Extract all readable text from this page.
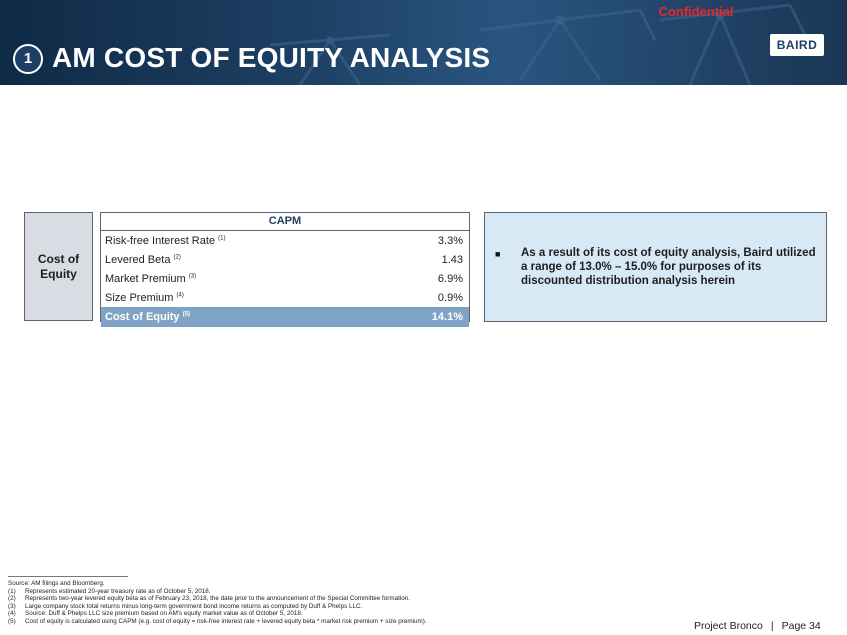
Confidential
1 AM COST OF EQUITY ANALYSIS	BAIRD
Cost of Equity
CAPM
Risk-free Interest Rate $^{(1)}$	3.3%
Levered Beta $^{(2)}$	1.43
Market Premium $^{(3)}$	6.9%
Size Premium $^{(4)}$	0.9%
Cost of Equity $^{(5)}$	14.1%
■ As a result of its cost of equity analysis, Baird utilized a range of 13.0% – 15.0% for purposes of its discounted distribution analysis herein
Source: AM filings and Bloomberg.
(1)	Represents estimated 20-year treasury rate as of October 5, 2018.
(2)	Represents two-year levered equity beta as of February 23, 2018, the date prior to the announcement of the Special Committee formation.
(3)	Large company stock total returns minus long-term government bond income returns as computed by Duff & Phelps LLC.
(4)	Source: Duff & Phelps LLC size premium based on AM's equity market value as of October 5, 2018.
(5)	Cost of equity is calculated using CAPM (e.g. cost of equity = risk-free interest rate + levered equity beta * market risk premium + size premium).	Project Bronco | Page 34
